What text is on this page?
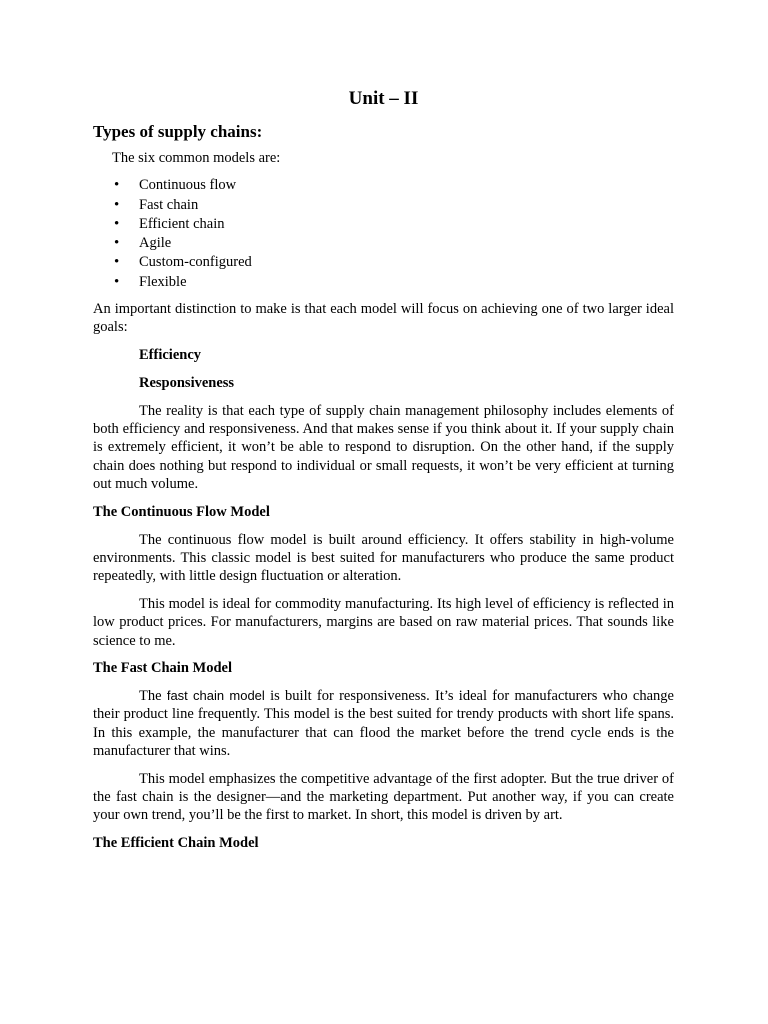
Unit – II
Types of supply chains:
The six common models are:
• Continuous flow
• Fast chain
• Efficient chain
• Agile
• Custom-configured
• Flexible

An important distinction to make is that each model will focus on achieving one of two larger ideal goals:

Efficiency
Responsiveness

The reality is that each type of supply chain management philosophy includes elements of both efficiency and responsiveness. And that makes sense if you think about it. If your supply chain is extremely efficient, it won’t be able to respond to disruption. On the other hand, if the supply chain does nothing but respond to individual or small requests, it won’t be very efficient at turning out much volume.

The Continuous Flow Model

The continuous flow model is built around efficiency. It offers stability in high-volume environments. This classic model is best suited for manufacturers who produce the same product repeatedly, with little design fluctuation or alteration.

This model is ideal for commodity manufacturing. Its high level of efficiency is reflected in low product prices. For manufacturers, margins are based on raw material prices. That sounds like science to me.

The Fast Chain Model

The fast chain model is built for responsiveness. It’s ideal for manufacturers who change their product line frequently. This model is the best suited for trendy products with short life spans. In this example, the manufacturer that can flood the market before the trend cycle ends is the manufacturer that wins.

This model emphasizes the competitive advantage of the first adopter. But the true driver of the fast chain is the designer—and the marketing department. Put another way, if you can create your own trend, you’ll be the first to market. In short, this model is driven by art.

The Efficient Chain Model
